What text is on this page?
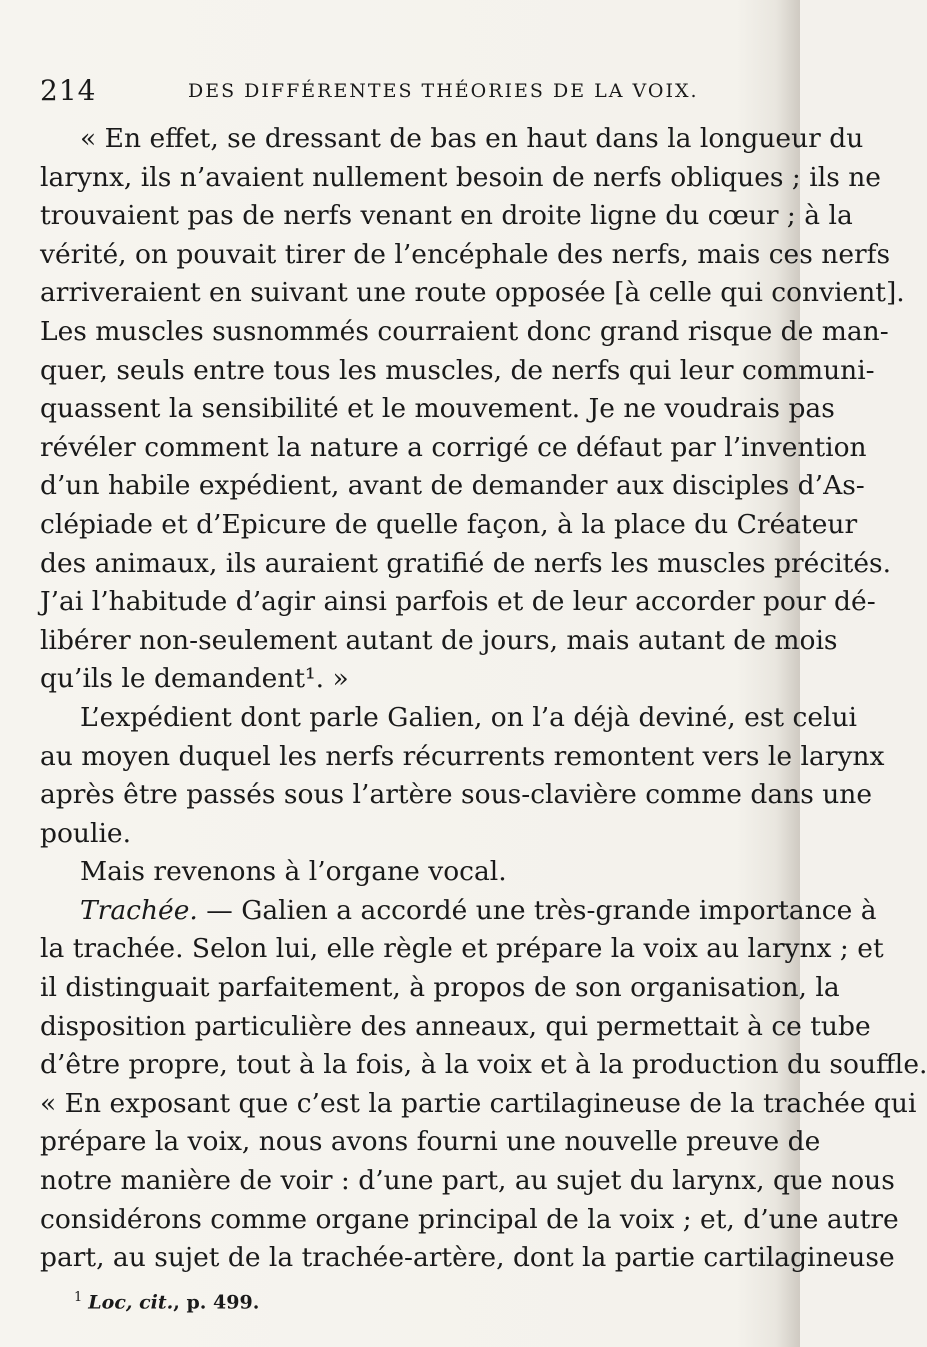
214	DES DIFFÉRENTES THÉORIES DE LA VOIX.
« En effet, se dressant de bas en haut dans la longueur du
larynx, ils n’avaient nullement besoin de nerfs obliques ; ils ne
trouvaient pas de nerfs venant en droite ligne du cœur ; à la
vérité, on pouvait tirer de l’encéphale des nerfs, mais ces nerfs
arriveraient en suivant une route opposée [à celle qui convient].
Les muscles susnommés courraient donc grand risque de man-
quer, seuls entre tous les muscles, de nerfs qui leur communi-
quassent la sensibilité et le mouvement. Je ne voudrais pas
révéler comment la nature a corrigé ce défaut par l’invention
d’un habile expédient, avant de demander aux disciples d’As-
clépiade et d’Epicure de quelle façon, à la place du Créateur
des animaux, ils auraient gratifié de nerfs les muscles précités.
J’ai l’habitude d’agir ainsi parfois et de leur accorder pour dé-
libérer non-seulement autant de jours, mais autant de mois
qu’ils le demandent¹. »
L’expédient dont parle Galien, on l’a déjà deviné, est celui
au moyen duquel les nerfs récurrents remontent vers le larynx
après être passés sous l’artère sous-clavière comme dans une
poulie.
Mais revenons à l’organe vocal.
Trachée. — Galien a accordé une très-grande importance à
la trachée. Selon lui, elle règle et prépare la voix au larynx ; et
il distinguait parfaitement, à propos de son organisation, la
disposition particulière des anneaux, qui permettait à ce tube
d’être propre, tout à la fois, à la voix et à la production du souffle.
« En exposant que c’est la partie cartilagineuse de la trachée qui
prépare la voix, nous avons fourni une nouvelle preuve de
notre manière de voir : d’une part, au sujet du larynx, que nous
considérons comme organe principal de la voix ; et, d’une autre
part, au sujet de la trachée-artère, dont la partie cartilagineuse
$^1$ Loc, cit., p. 499.
